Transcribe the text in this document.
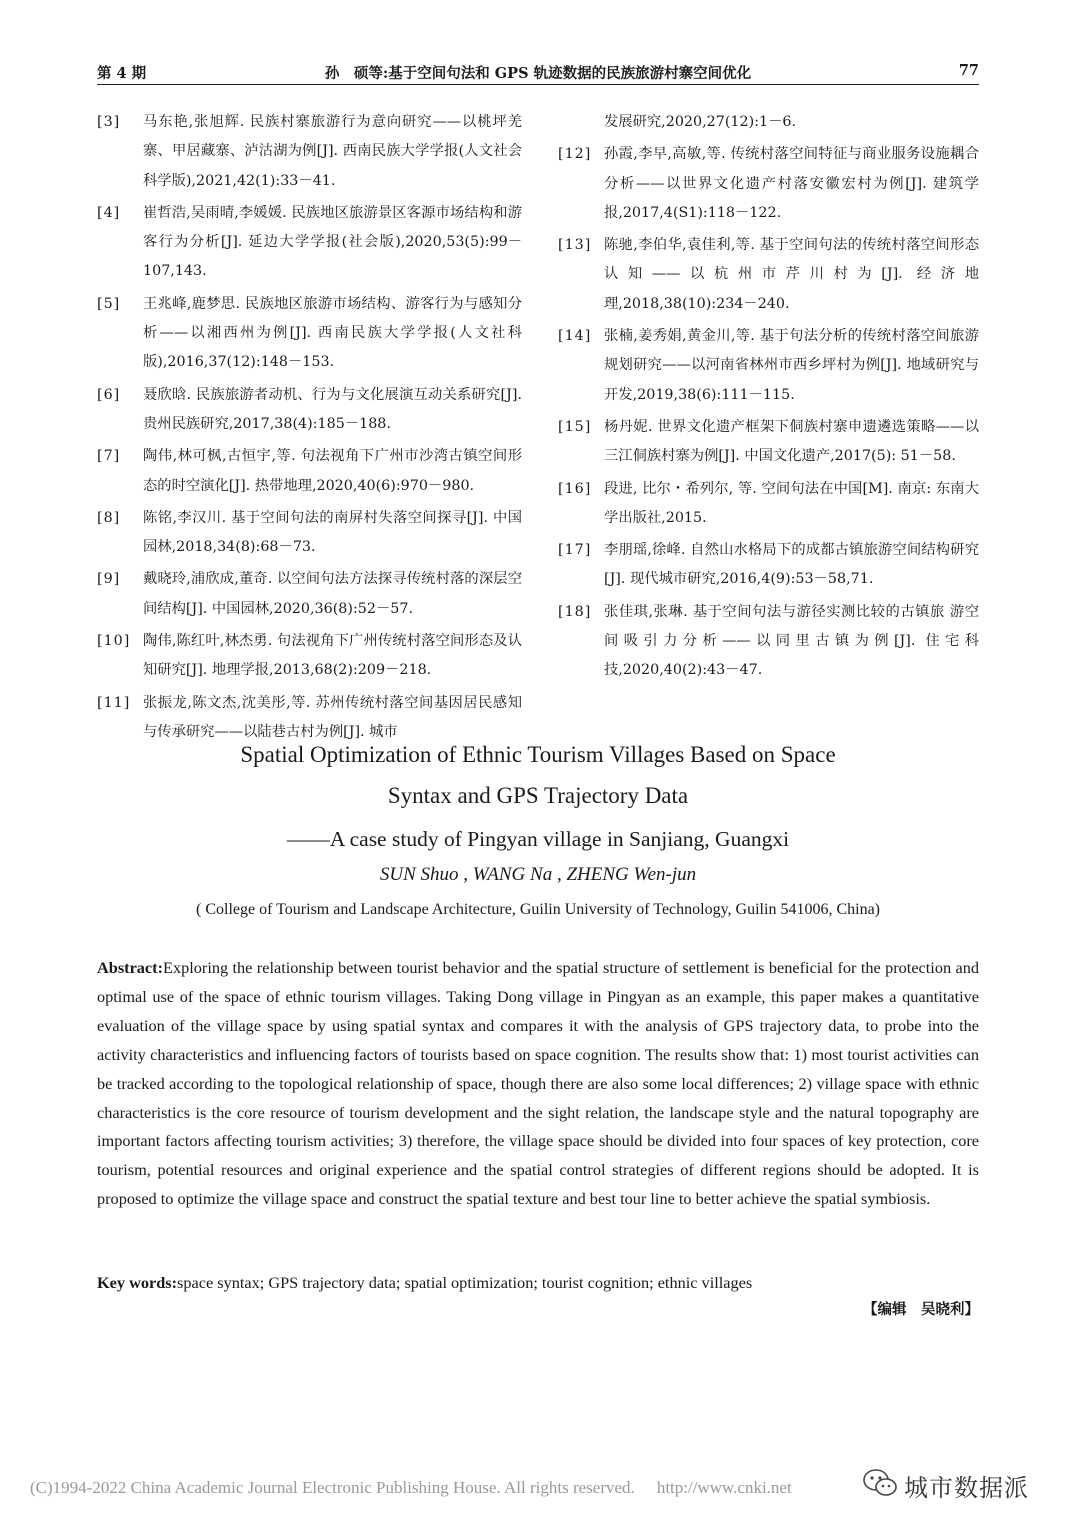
第 4 期	孙　硕等:基于空间句法和 GPS 轨迹数据的民族旅游村寨空间优化	77
[3]	马东艳,张旭辉. 民族村寨旅游行为意向研究——以桃坪羌寨、甲居藏寨、泸沽湖为例[J]. 西南民族大学学报(人文社会科学版),2021,42(1):33－41.
[4]	崔哲浩,吴雨晴,李媛媛. 民族地区旅游景区客源市场结构和游客行为分析[J]. 延边大学学报(社会版),2020,53(5):99－107,143.
[5]	王兆峰,鹿梦思. 民族地区旅游市场结构、游客行为与感知分析——以湘西州为例[J]. 西南民族大学学报(人文社科版),2016,37(12):148－153.
[6]	聂欣晗. 民族旅游者动机、行为与文化展演互动关系研究[J]. 贵州民族研究,2017,38(4):185－188.
[7]	陶伟,林可枫,古恒宇,等. 句法视角下广州市沙湾古镇空间形态的时空演化[J]. 热带地理,2020,40(6):970－980.
[8]	陈铭,李汉川. 基于空间句法的南屏村失落空间探寻[J]. 中国园林,2018,34(8):68－73.
[9]	戴晓玲,浦欣成,董奇. 以空间句法方法探寻传统村落的深层空间结构[J]. 中国园林,2020,36(8):52－57.
[10] 陶伟,陈红叶,林杰勇. 句法视角下广州传统村落空间形态及认知研究[J]. 地理学报,2013,68(2):209－218.
[11] 张振龙,陈文杰,沈美彤,等. 苏州传统村落空间基因居民感知与传承研究——以陆巷古村为例[J]. 城市
发展研究,2020,27(12):1－6.
[12] 孙霞,李早,高敏,等. 传统村落空间特征与商业服务设施耦合分析——以世界文化遗产村落安徽宏村为例[J]. 建筑学报,2017,4(S1):118－122.
[13] 陈驰,李伯华,袁佳利,等. 基于空间句法的传统村落空间形态认知——以杭州市芹川村为[J]. 经济地理,2018,38(10):234－240.
[14] 张楠,姜秀娟,黄金川,等. 基于句法分析的传统村落空间旅游规划研究——以河南省林州市西乡坪村为例[J]. 地域研究与开发,2019,38(6):111－115.
[15] 杨丹妮. 世界文化遗产框架下侗族村寨申遗遴选策略——以三江侗族村寨为例[J]. 中国文化遗产,2017(5): 51－58.
[16] 段进, 比尔・希列尔, 等. 空间句法在中国[M]. 南京: 东南大学出版社,2015.
[17] 李朋瑶,徐峰. 自然山水格局下的成都古镇旅游空间结构研究[J]. 现代城市研究,2016,4(9):53－58,71.
[18] 张佳琪,张琳. 基于空间句法与游径实测比较的古镇旅 游空间吸引力分析——以同里古镇为例[J]. 住宅科技,2020,40(2):43－47.
Spatial Optimization of Ethnic Tourism Villages Based on Space
Syntax and GPS Trajectory Data
——A case study of Pingyan village in Sanjiang, Guangxi
SUN Shuo , WANG Na , ZHENG Wen-jun
( College of Tourism and Landscape Architecture, Guilin University of Technology, Guilin 541006, China)
Abstract:Exploring the relationship between tourist behavior and the spatial structure of settlement is beneficial for the protection and optimal use of the space of ethnic tourism villages. Taking Dong village in Pingyan as an example, this paper makes a quantitative evaluation of the village space by using spatial syntax and compares it with the analysis of GPS trajectory data, to probe into the activity characteristics and influencing factors of tourists based on space cognition. The results show that: 1) most tourist activities can be tracked according to the topological relationship of space, though there are also some local differences; 2) village space with ethnic characteristics is the core resource of tourism development and the sight relation, the landscape style and the natural topography are important factors affecting tourism activities; 3) therefore, the village space should be divided into four spaces of key protection, core tourism, potential resources and original experience and the spatial control strategies of different regions should be adopted. It is proposed to optimize the village space and construct the spatial texture and best tour line to better achieve the spatial symbiosis.
Key words:space syntax; GPS trajectory data; spatial optimization; tourist cognition; ethnic villages
【编辑　吴晓利】
(C)1994-2022 China Academic Journal Electronic Publishing House. All rights reserved. http://www.cnki.net	城市数据派
